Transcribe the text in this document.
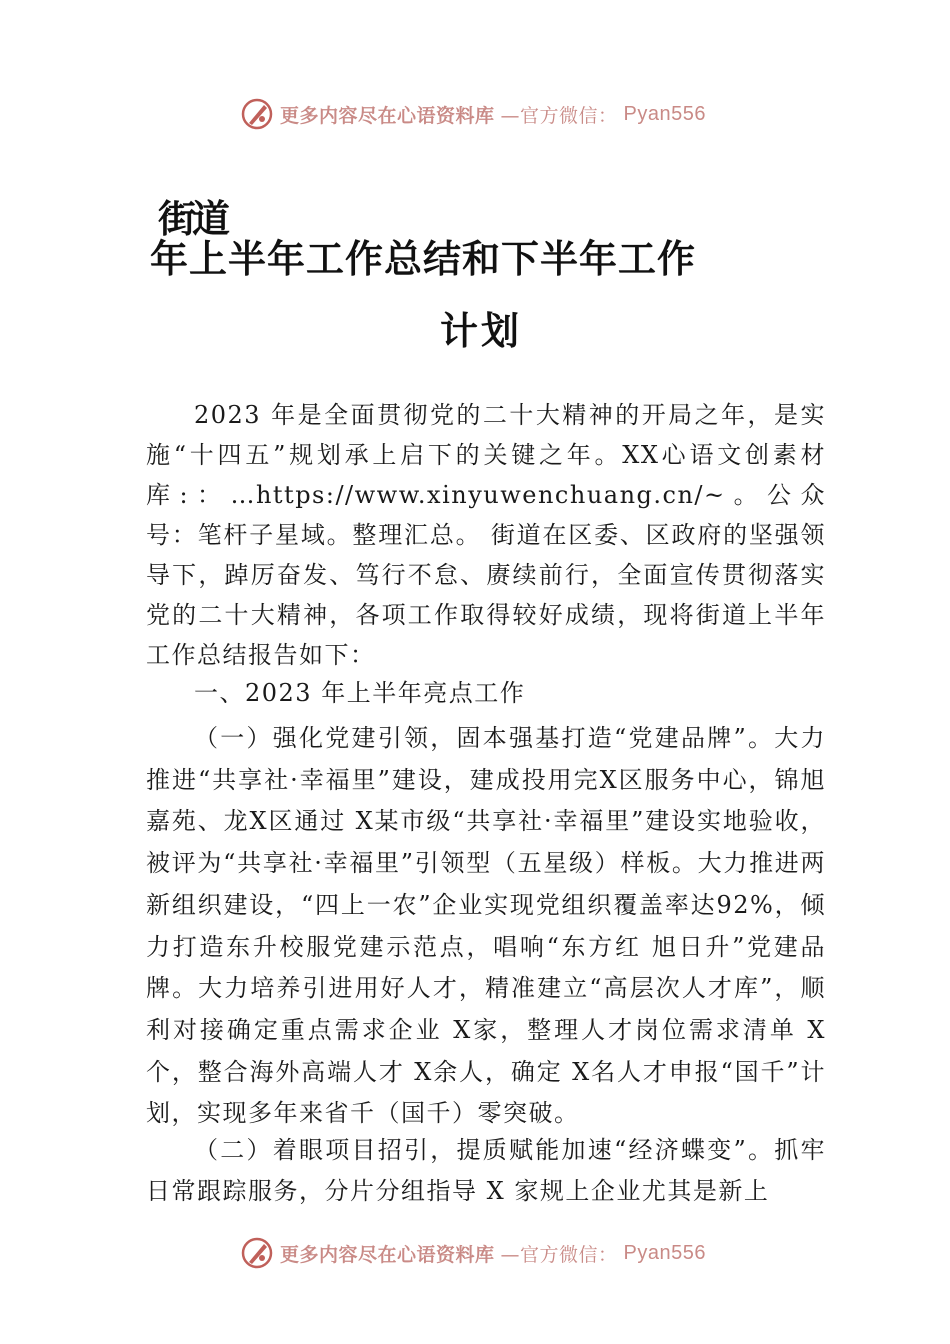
更多内容尽在心语资料库 —官方微信： Pyan556
街道
年上半年工作总结和下半年工作
计划

2023 年是全面贯彻党的二十大精神的开局之年，是实施“十四五”规划承上启下的关键之年。XX心语文创素材库:：…https://www.xinyuwenchuang.cn/~。公众号：笔杆子星域。整理汇总。 街道在区委、区政府的坚强领导下，踔厉奋发、笃行不怠、赓续前行，全面宣传贯彻落实党的二十大精神，各项工作取得较好成绩，现将街道上半年工作总结报告如下：

一、2023 年上半年亮点工作

（一）强化党建引领，固本强基打造“党建品牌”。大力推进“共享社·幸福里”建设，建成投用完X区服务中心，锦旭嘉苑、龙X区通过 X某市级“共享社·幸福里”建设实地验收，被评为“共享社·幸福里”引领型（五星级）样板。大力推进两新组织建设，“四上一农”企业实现党组织覆盖率达92%，倾力打造东升校服党建示范点，唱响“东方红 旭日升”党建品牌。大力培养引进用好人才，精准建立“高层次人才库”，顺利对接确定重点需求企业 X家，整理人才岗位需求清单 X个，整合海外高端人才 X余人，确定 X名人才申报“国千”计划，实现多年来省千（国千）零突破。

（二）着眼项目招引，提质赋能加速“经济蝶变”。抓牢日常跟踪服务，分片分组指导 X 家规上企业尤其是新上

更多内容尽在心语资料库 —官方微信： Pyan556
